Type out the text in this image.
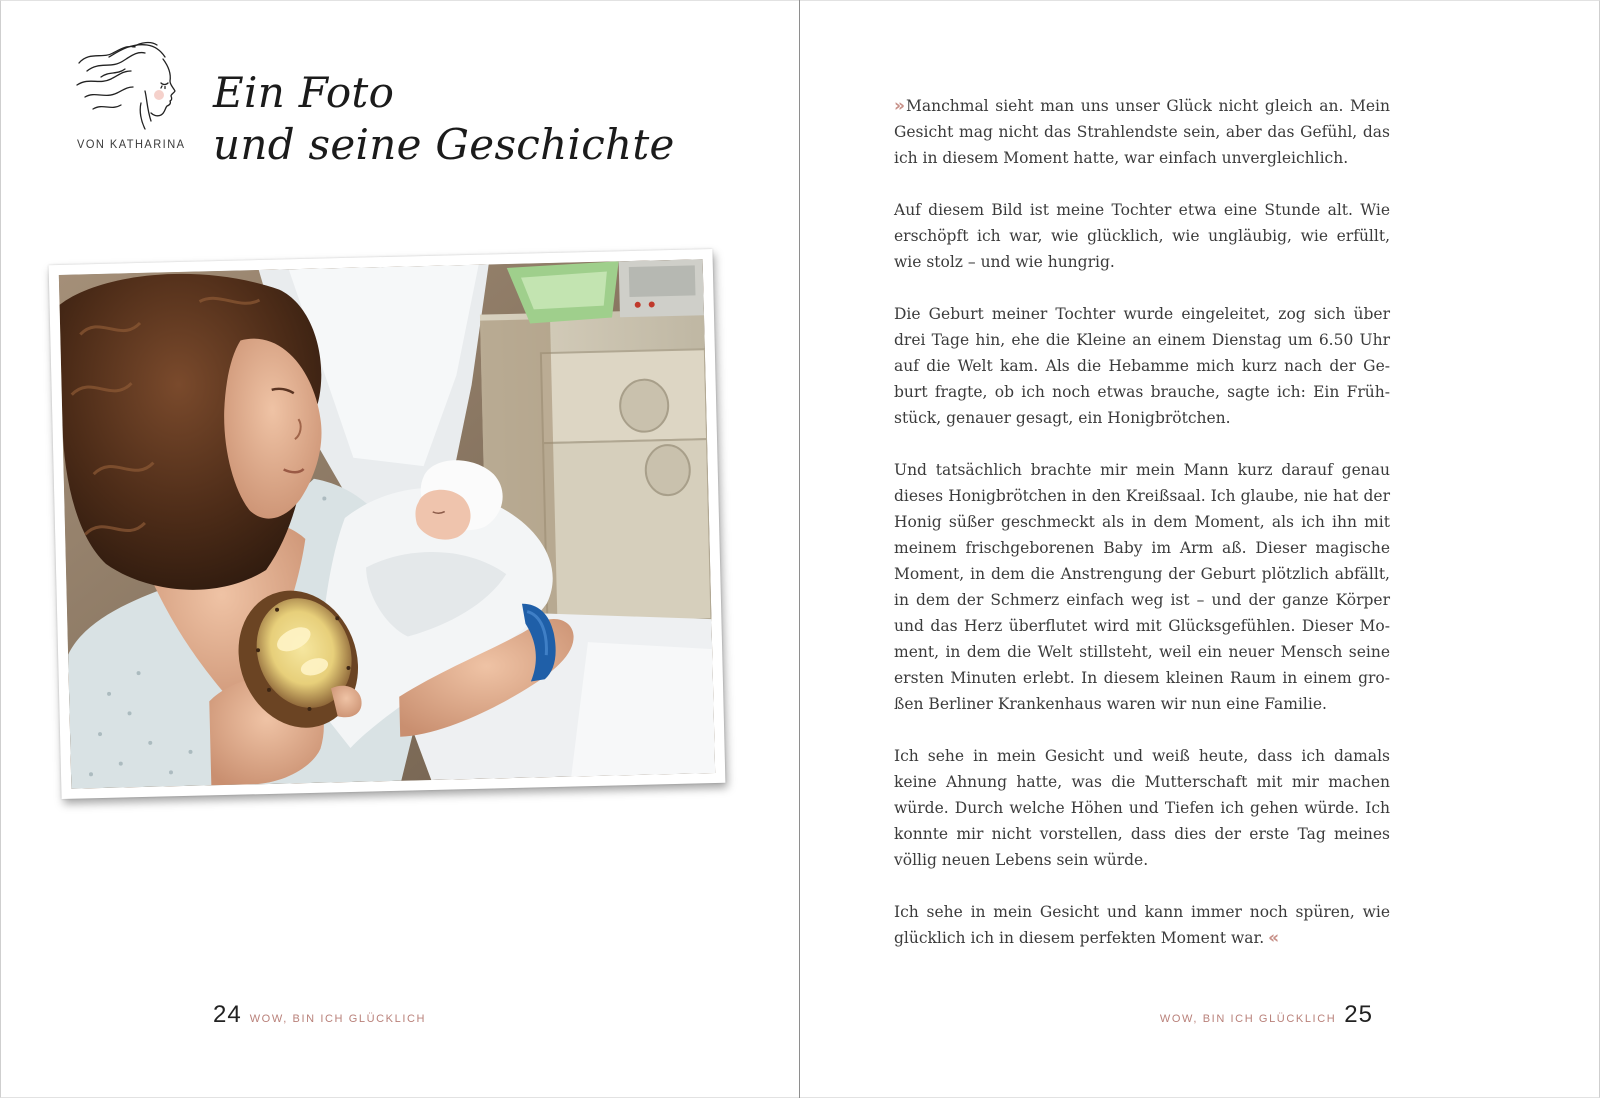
VON KATHARINA
Ein Foto
und seine Geschichte
24 WOW, BIN ICH GLÜCKLICH

» Manchmal sieht man uns unser Glück nicht gleich an. Mein Gesicht mag nicht das Strahlendste sein, aber das Gefühl, das ich in diesem Moment hatte, war einfach unvergleichlich.

Auf diesem Bild ist meine Tochter etwa eine Stunde alt. Wie erschöpft ich war, wie glücklich, wie ungläubig, wie erfüllt, wie stolz – und wie hungrig.

Die Geburt meiner Tochter wurde eingeleitet, zog sich über drei Tage hin, ehe die Kleine an einem Dienstag um 6.50 Uhr auf die Welt kam. Als die Hebamme mich kurz nach der Geburt fragte, ob ich noch etwas brauche, sagte ich: Ein Frühstück, genauer gesagt, ein Honigbrötchen.

Und tatsächlich brachte mir mein Mann kurz darauf genau dieses Honigbrötchen in den Kreißsaal. Ich glaube, nie hat der Honig süßer geschmeckt als in dem Moment, als ich ihn mit meinem frischgeborenen Baby im Arm aß. Dieser magische Moment, in dem die Anstrengung der Geburt plötzlich abfällt, in dem der Schmerz einfach weg ist – und der ganze Körper und das Herz überflutet wird mit Glücksgefühlen. Dieser Moment, in dem die Welt stillsteht, weil ein neuer Mensch seine ersten Minuten erlebt. In diesem kleinen Raum in einem großen Berliner Krankenhaus waren wir nun eine Familie.

Ich sehe in mein Gesicht und weiß heute, dass ich damals keine Ahnung hatte, was die Mutterschaft mit mir machen würde. Durch welche Höhen und Tiefen ich gehen würde. Ich konnte mir nicht vorstellen, dass dies der erste Tag meines völlig neuen Lebens sein würde.

Ich sehe in mein Gesicht und kann immer noch spüren, wie glücklich ich in diesem perfekten Moment war. «

WOW, BIN ICH GLÜCKLICH 25
